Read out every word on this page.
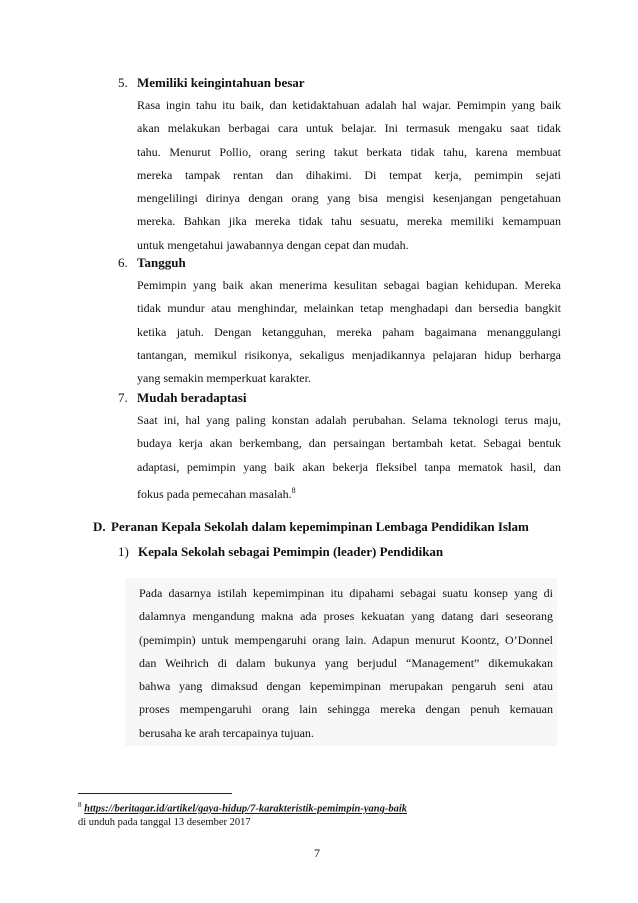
5. Memiliki keingintahuan besar
Rasa ingin tahu itu baik, dan ketidaktahuan adalah hal wajar. Pemimpin yang baik
akan melakukan berbagai cara untuk belajar. Ini termasuk mengaku saat tidak
tahu. Menurut Pollio, orang sering takut berkata tidak tahu, karena membuat
mereka tampak rentan dan dihakimi. Di tempat kerja, pemimpin sejati
mengelilingi dirinya dengan orang yang bisa mengisi kesenjangan pengetahuan
mereka. Bahkan jika mereka tidak tahu sesuatu, mereka memiliki kemampuan
untuk mengetahui jawabannya dengan cepat dan mudah.
6. Tangguh
Pemimpin yang baik akan menerima kesulitan sebagai bagian kehidupan. Mereka
tidak mundur atau menghindar, melainkan tetap menghadapi dan bersedia bangkit
ketika jatuh. Dengan ketangguhan, mereka paham bagaimana menanggulangi
tantangan, memikul risikonya, sekaligus menjadikannya pelajaran hidup berharga
yang semakin memperkuat karakter.
7. Mudah beradaptasi
Saat ini, hal yang paling konstan adalah perubahan. Selama teknologi terus maju,
budaya kerja akan berkembang, dan persaingan bertambah ketat. Sebagai bentuk
adaptasi, pemimpin yang baik akan bekerja fleksibel tanpa mematok hasil, dan
fokus pada pemecahan masalah.$^8$
D. Peranan Kepala Sekolah dalam kepemimpinan Lembaga Pendidikan Islam
1) Kepala Sekolah sebagai Pemimpin (leader) Pendidikan
Pada dasarnya istilah kepemimpinan itu dipahami sebagai suatu konsep yang di
dalamnya mengandung makna ada proses kekuatan yang datang dari seseorang
(pemimpin) untuk mempengaruhi orang lain. Adapun menurut Koontz, O’Donnel
dan Weihrich di dalam bukunya yang berjudul “Management” dikemukakan
bahwa yang dimaksud dengan kepemimpinan merupakan pengaruh seni atau
proses mempengaruhi orang lain sehingga mereka dengan penuh kemauan
berusaha ke arah tercapainya tujuan.
$^8$ https://beritagar.id/artikel/gaya-hidup/7-karakteristik-pemimpin-yang-baik
di unduh pada tanggal 13 desember 2017
7
